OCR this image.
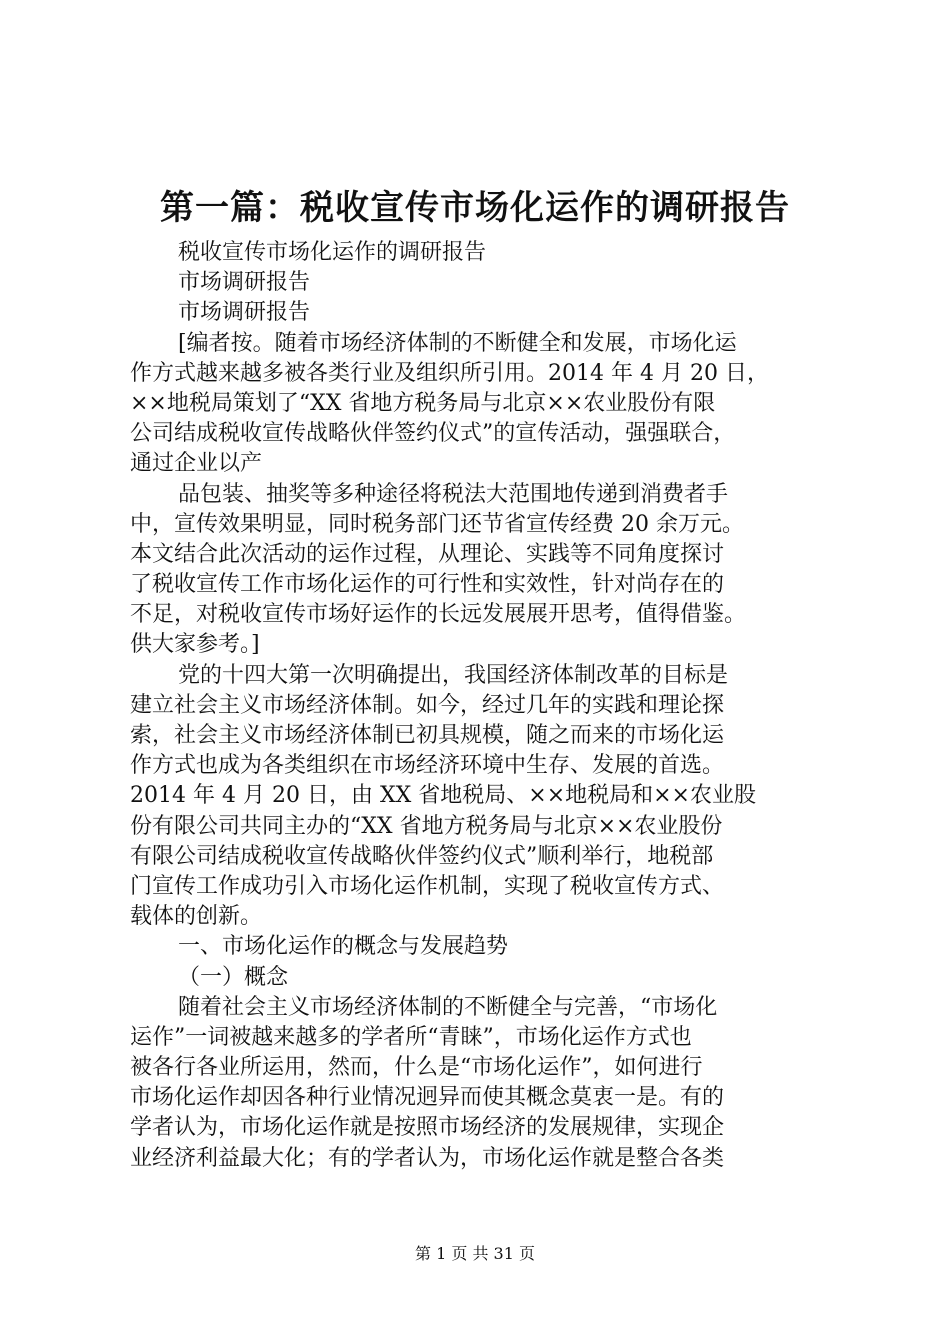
第一篇：税收宣传市场化运作的调研报告
税收宣传市场化运作的调研报告
市场调研报告
市场调研报告
[编者按。随着市场经济体制的不断健全和发展，市场化运
作方式越来越多被各类行业及组织所引用。2014 年 4 月 20 日，
××地税局策划了“XX 省地方税务局与北京××农业股份有限
公司结成税收宣传战略伙伴签约仪式”的宣传活动，强强联合，
通过企业以产
品包装、抽奖等多种途径将税法大范围地传递到消费者手
中，宣传效果明显，同时税务部门还节省宣传经费 20 余万元。
本文结合此次活动的运作过程，从理论、实践等不同角度探讨
了税收宣传工作市场化运作的可行性和实效性，针对尚存在的
不足，对税收宣传市场好运作的长远发展展开思考，值得借鉴。
供大家参考。]
党的十四大第一次明确提出，我国经济体制改革的目标是
建立社会主义市场经济体制。如今，经过几年的实践和理论探
索，社会主义市场经济体制已初具规模，随之而来的市场化运
作方式也成为各类组织在市场经济环境中生存、发展的首选。
2014 年 4 月 20 日，由 XX 省地税局、××地税局和××农业股
份有限公司共同主办的“XX 省地方税务局与北京××农业股份
有限公司结成税收宣传战略伙伴签约仪式”顺利举行，地税部
门宣传工作成功引入市场化运作机制，实现了税收宣传方式、
载体的创新。
一、市场化运作的概念与发展趋势
（一）概念
随着社会主义市场经济体制的不断健全与完善，“市场化
运作”一词被越来越多的学者所“青睐”，市场化运作方式也
被各行各业所运用，然而，什么是“市场化运作”，如何进行
市场化运作却因各种行业情况迥异而使其概念莫衷一是。有的
学者认为，市场化运作就是按照市场经济的发展规律，实现企
业经济利益最大化；有的学者认为，市场化运作就是整合各类
第 1 页 共 31 页
